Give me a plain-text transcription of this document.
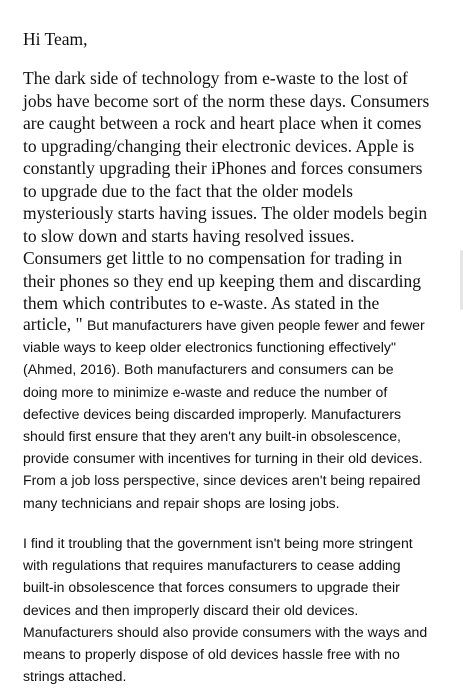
Hi Team,

The dark side of technology from e-waste to the lost of
jobs have become sort of the norm these days. Consumers
are caught between a rock and heart place when it comes
to upgrading/changing their electronic devices. Apple is
constantly upgrading their iPhones and forces consumers
to upgrade due to the fact that the older models
mysteriously starts having issues. The older models begin
to slow down and starts having resolved issues.
Consumers get little to no compensation for trading in
their phones so they end up keeping them and discarding
them which contributes to e-waste. As stated in the
article, " But manufacturers have given people fewer and fewer
viable ways to keep older electronics functioning effectively"
(Ahmed, 2016). Both manufacturers and consumers can be
doing more to minimize e-waste and reduce the number of
defective devices being discarded improperly. Manufacturers
should first ensure that they aren't any built-in obsolescence,
provide consumer with incentives for turning in their old devices.
From a job loss perspective, since devices aren't being repaired
many technicians and repair shops are losing jobs.
I find it troubling that the government isn't being more stringent
with regulations that requires manufacturers to cease adding
built-in obsolescence that forces consumers to upgrade their
devices and then improperly discard their old devices.
Manufacturers should also provide consumers with the ways and
means to properly dispose of old devices hassle free with no
strings attached.
